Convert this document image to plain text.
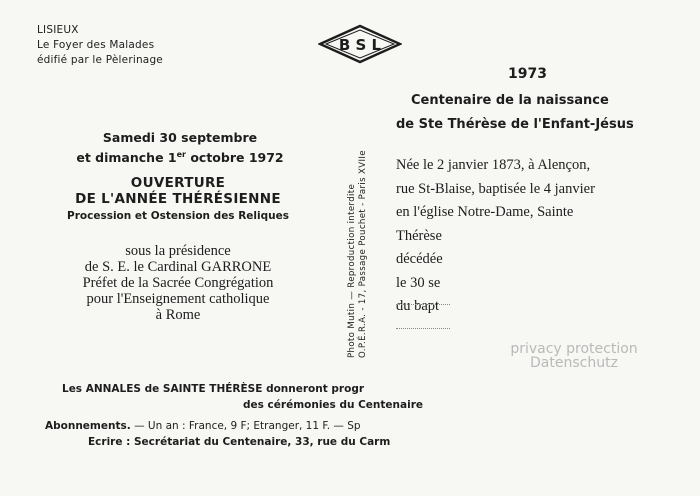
LISIEUX
Le Foyer des Malades
édifié par le Pèlerinage
B S L
1973
Centenaire de la naissance
de Ste Thérèse de l'Enfant-Jésus
Samedi 30 septembre
et dimanche 1er octobre 1972
OUVERTURE
DE L'ANNÉE THÉRÉSIENNE
Procession et Ostension des Reliques
sous la présidence
de S. E. le Cardinal GARRONE
Préfet de la Sacrée Congrégation
pour l'Enseignement catholique
à Rome	Photo Mutin — Reproduction interdite O.P.É.R.A. - 17, Passage Pouchet - Paris XVIIe Née le 2 janvier 1873, à Alençon,
rue St-Blaise, baptisée le 4 janvier
en l'église Notre-Dame, Sainte
Thérèse
décédée
le 30 se
du bapt
Les ANNALES de SAINTE THÉRÈSE donneront progr
des cérémonies du Centenaire
Abonnements. — Un an : France, 9 F; Etranger, 11 F. — Sp
Ecrire : Secrétariat du Centenaire, 33, rue du Carm
privacy protection
Datenschutz
